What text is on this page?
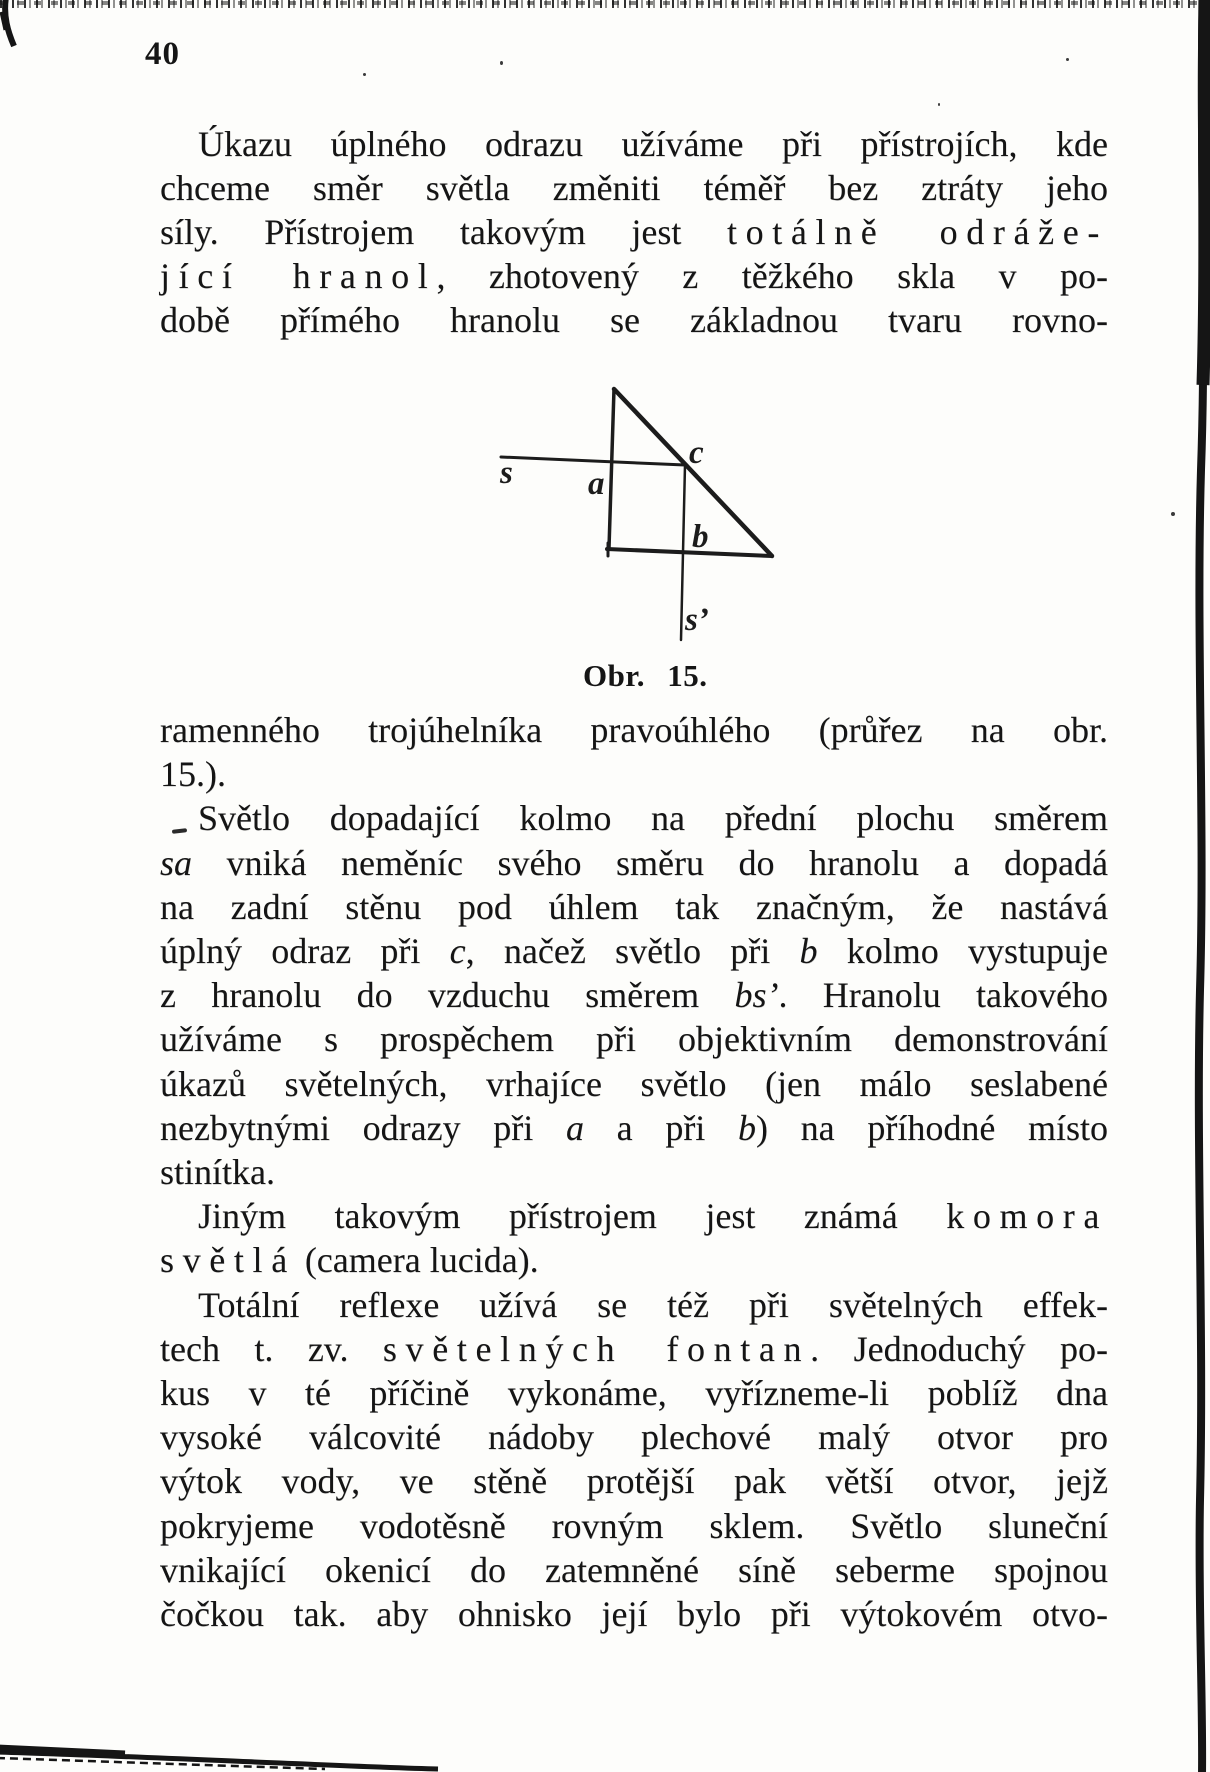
40
Úkazu úplného odrazu užíváme při přístrojích, kde
chceme směr světla změniti téměř bez ztráty jeho
síly. Přístrojem takovým jest totálně odráže-
jící hranol, zhotovený z těžkého skla v po-
době přímého hranolu se základnou tvaru rovno-
s a
c
b
s’
Obr. 15.
ramenného trojúhelníka pravoúhlého (průřez na obr.
15.).
Světlo dopadající kolmo na přední plochu směrem
sa vniká neměníc svého směru do hranolu a dopadá
na zadní stěnu pod úhlem tak značným, že nastává
úplný odraz při c, načež světlo při b kolmo vystupuje
z hranolu do vzduchu směrem bs’. Hranolu takového
užíváme s prospěchem při objektivním demonstrování
úkazů světelných, vrhajíce světlo (jen málo seslabené
nezbytnými odrazy při a a při b) na příhodné místo
stinítka.
Jiným takovým přístrojem jest známá komora
světlá (camera lucida).
Totální reflexe užívá se též při světelných effek-
tech t. zv. světelných fontan. Jednoduchý po-
kus v té příčině vykonáme, vyřízneme-li poblíž dna
vysoké válcovité nádoby plechové malý otvor pro
výtok vody, ve stěně protější pak větší otvor, jejž
pokryjeme vodotěsně rovným sklem. Světlo sluneční
vnikající okenicí do zatemněné síně seberme spojnou
čočkou tak. aby ohnisko její bylo při výtokovém otvo-
